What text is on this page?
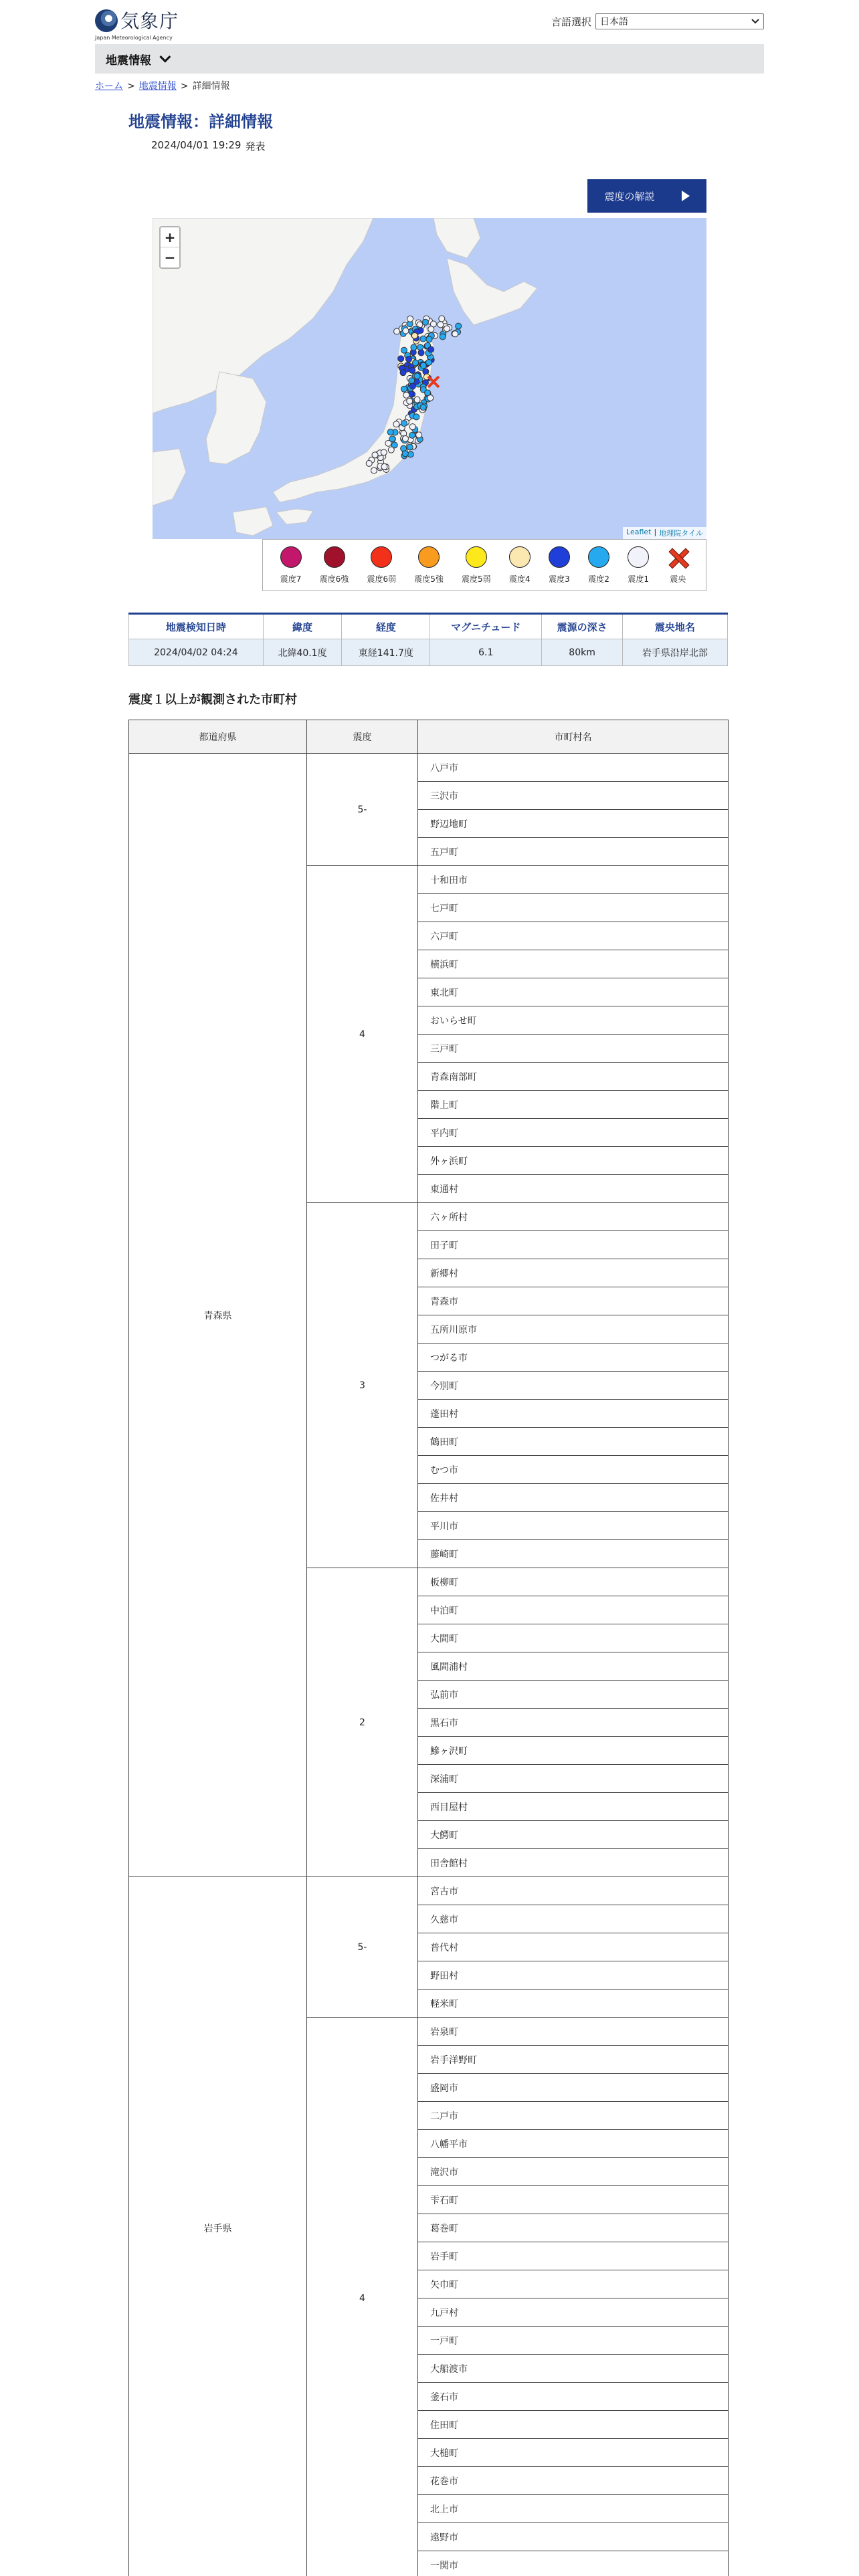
気象庁
Japan Meteorological Agency
言語選択 日本語
地震情報
ホーム > 地震情報 > 詳細情報
地震情報：詳細情報
2024/04/01 19:29 発表
震度の解説
+
−
Leaflet | 地理院タイル
震度7 震度6強 震度6弱 震度5強 震度5弱 震度4 震度3 震度2 震度1	震央
地震検知日時	緯度	経度	マグニチュード	震源の深さ	震央地名
2024/04/02 04:24	北緯40.1度	東経141.7度	6.1	80km	岩手県沿岸北部
震度１以上が観測された市町村
都道府県	震度	市町村名
青森県	5-	八戸市
		三沢市
		野辺地町
		五戸町
	4	十和田市
		七戸町
		六戸町
		横浜町
		東北町
		おいらせ町
		三戸町
		青森南部町
		階上町
		平内町
		外ヶ浜町
		東通村
	3	六ヶ所村
		田子町
		新郷村
		青森市
		五所川原市
		つがる市
		今別町
		蓬田村
		鶴田町
		むつ市
		佐井村
		平川市
		藤崎町
	2	板柳町
		中泊町
		大間町
		風間浦村
		弘前市
		黒石市
		鰺ヶ沢町
		深浦町
		西目屋村
		大鰐町
		田舎館村
岩手県	5-	宮古市
		久慈市
		普代村
		野田村
		軽米町
	4	岩泉町
		岩手洋野町
		盛岡市
		二戸市
		八幡平市
		滝沢市
		雫石町
		葛巻町
		岩手町
		矢巾町
		九戸村
		一戸町
		大船渡市
		釜石市
		住田町
		大槌町
		花巻市
		北上市
		遠野市
		一関市
